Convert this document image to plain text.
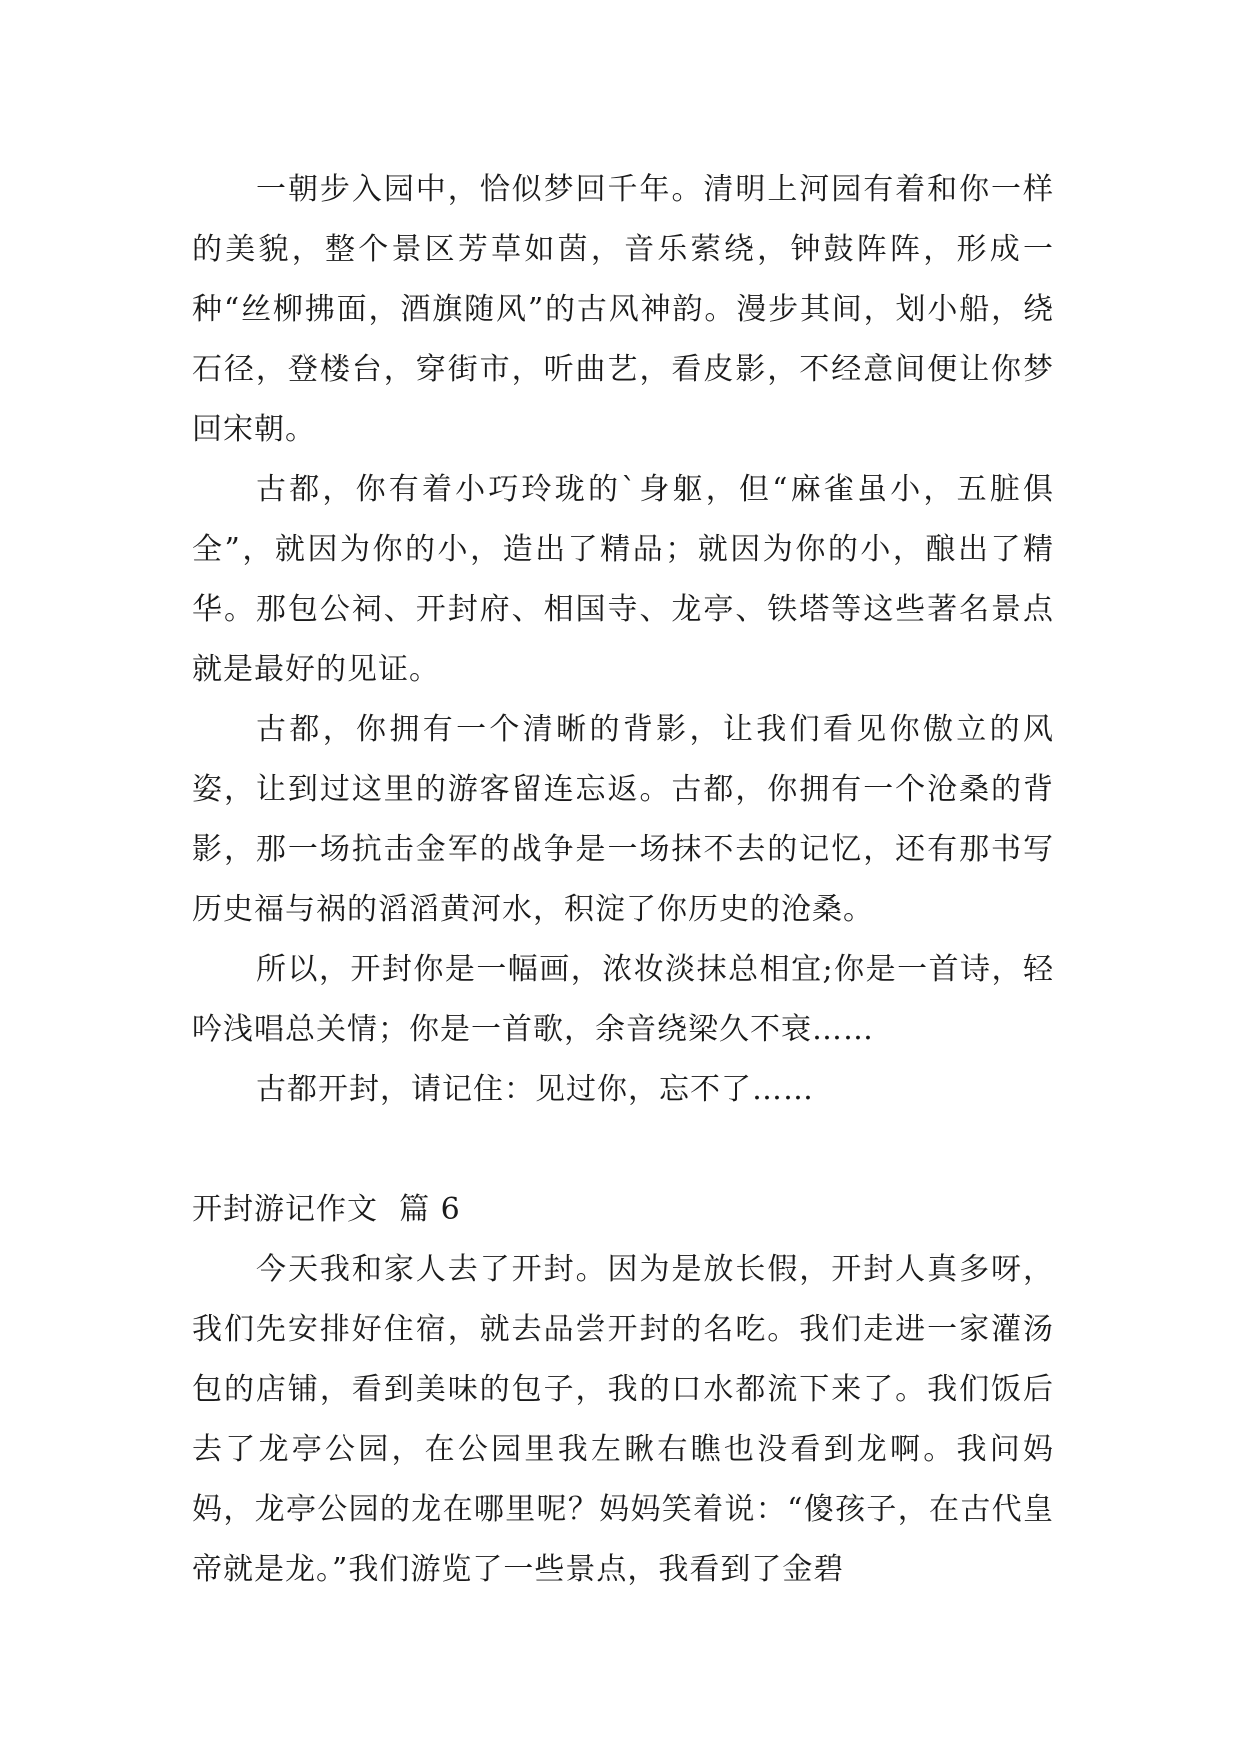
一朝步入园中，恰似梦回千年。清明上河园有着和你一样的美貌，整个景区芳草如茵，音乐萦绕，钟鼓阵阵，形成一种“丝柳拂面，酒旗随风”的古风神韵。漫步其间，划小船，绕石径，登楼台，穿街市，听曲艺，看皮影，不经意间便让你梦回宋朝。

古都，你有着小巧玲珑的`身躯，但“麻雀虽小，五脏俱全”，就因为你的小，造出了精品；就因为你的小，酿出了精华。那包公祠、开封府、相国寺、龙亭、铁塔等这些著名景点就是最好的见证。

古都，你拥有一个清晰的背影，让我们看见你傲立的风姿，让到过这里的游客留连忘返。古都，你拥有一个沧桑的背影，那一场抗击金军的战争是一场抹不去的记忆，还有那书写历史福与祸的滔滔黄河水，积淀了你历史的沧桑。

所以，开封你是一幅画，浓妆淡抹总相宜;你是一首诗，轻吟浅唱总关情；你是一首歌，余音绕梁久不衰……

古都开封，请记住：见过你，忘不了……

开封游记作文  篇 6

今天我和家人去了开封。因为是放长假，开封人真多呀，我们先安排好住宿，就去品尝开封的名吃。我们走进一家灌汤包的店铺，看到美味的包子，我的口水都流下来了。我们饭后去了龙亭公园，在公园里我左瞅右瞧也没看到龙啊。我问妈妈，龙亭公园的龙在哪里呢？妈妈笑着说：“傻孩子，在古代皇帝就是龙。”我们游览了一些景点，我看到了金碧
